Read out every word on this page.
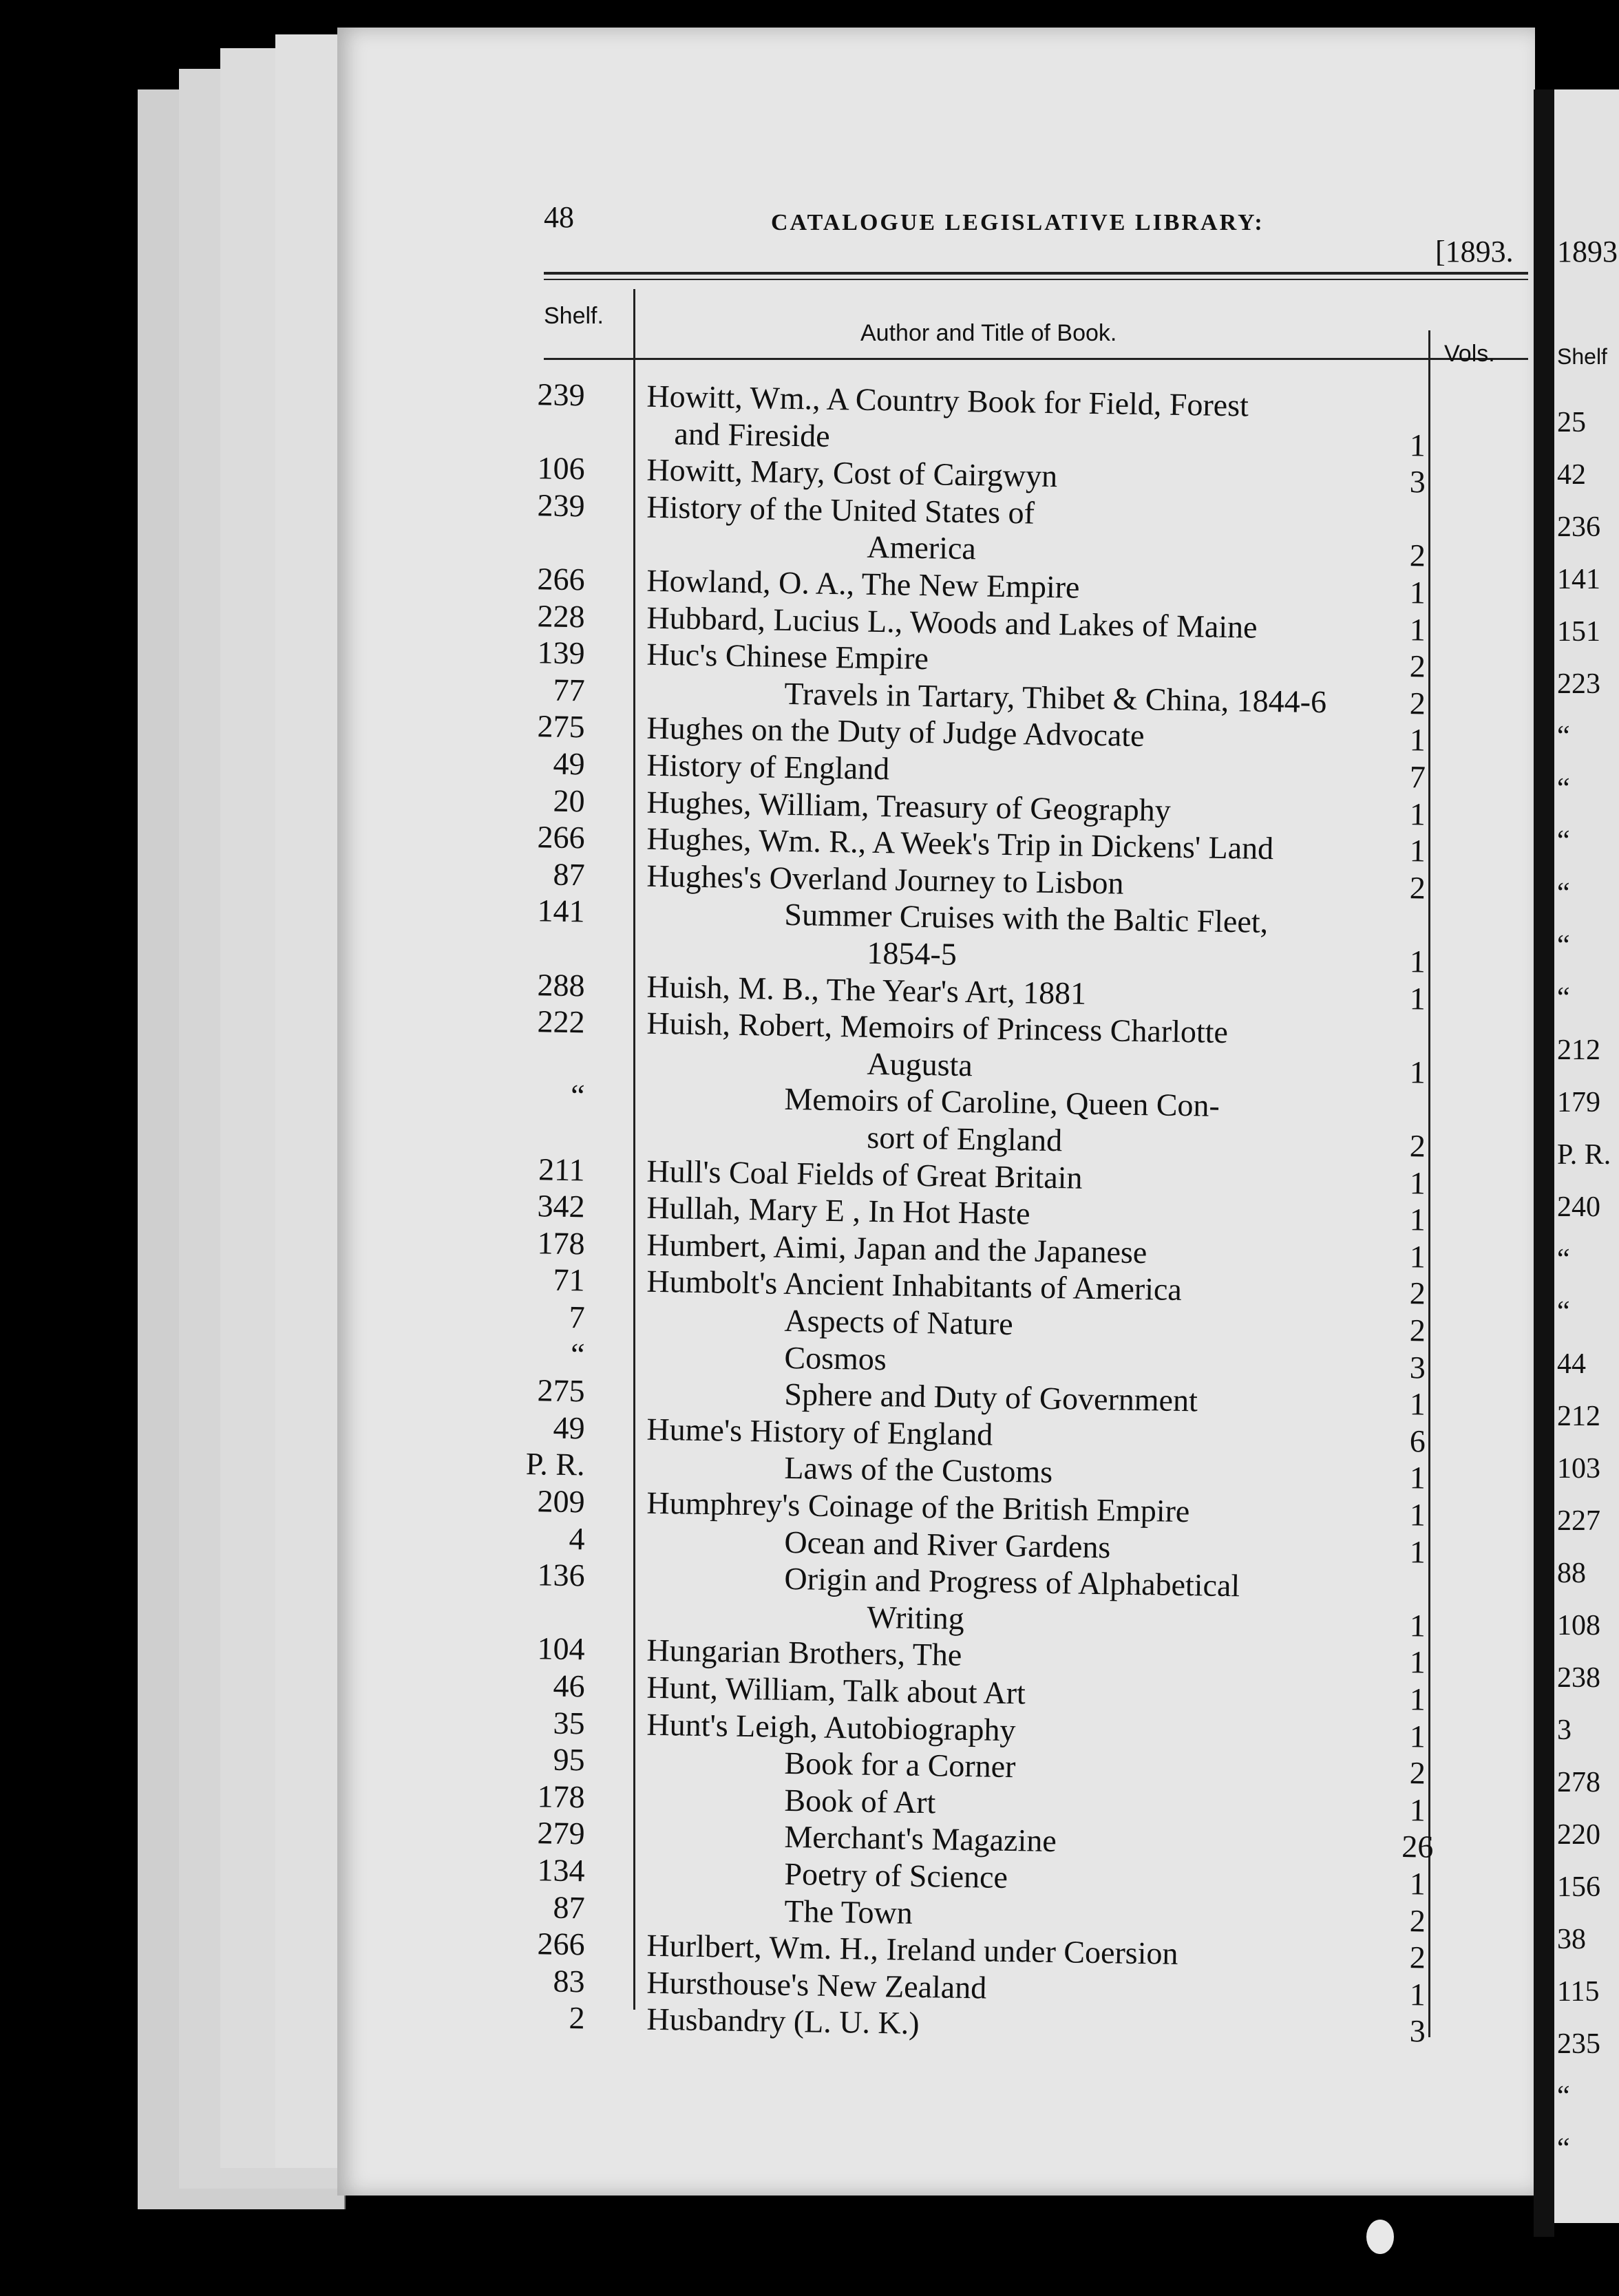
48	CATALOGUE LEGISLATIVE LIBRARY:
[1893.
Shelf.
Author and Title of Book.
Vols.
239 Howitt, Wm., A Country Book for Field, Forest
and Fireside	1
106 Howitt, Mary, Cost of Cairgwyn	3
239 History of the United States of
America	2
266 Howland, O. A., The New Empire	1
228 Hubbard, Lucius L., Woods and Lakes of Maine	1
139 Huc's Chinese Empire	2
77	Travels in Tartary, Thibet & China, 1844-6	2
275 Hughes on the Duty of Judge Advocate	1
49 History of England	7
20 Hughes, William, Treasury of Geography	1
266 Hughes, Wm. R., A Week's Trip in Dickens' Land	1
87 Hughes's Overland Journey to Lisbon	2
141	Summer Cruises with the Baltic Fleet,
1854-5	1
288 Huish, M. B., The Year's Art, 1881	1
222 Huish, Robert, Memoirs of Princess Charlotte
Augusta	1
“	Memoirs of Caroline, Queen Con-
sort of England	2
211 Hull's Coal Fields of Great Britain	1
342 Hullah, Mary E , In Hot Haste	1
178 Humbert, Aimi, Japan and the Japanese	1
71 Humbolt's Ancient Inhabitants of America	2
7	Aspects of Nature	2
“	Cosmos	3
275	Sphere and Duty of Government	1
49 Hume's History of England	6
P. R.	Laws of the Customs	1
209 Humphrey's Coinage of the British Empire	1
4	Ocean and River Gardens	1
136	Origin and Progress of Alphabetical
Writing	1
104 Hungarian Brothers, The	1
46 Hunt, William, Talk about Art	1
35 Hunt's Leigh, Autobiography	1
95	Book for a Corner	2
178	Book of Art	1
279	Merchant's Magazine	26
134	Poetry of Science	1
87	The Town	2
266 Hurlbert, Wm. H., Ireland under Coersion	2
83 Hursthouse's New Zealand	1
2 Husbandry (L. U. K.)	3
1893
Shelf
25
42
236
141
151
223
“
“
“
“
“
“
212
179
P. R.
240
“
“
44
212
103
227
88
108
238
3
278
220
156
38
115
235
“
“
